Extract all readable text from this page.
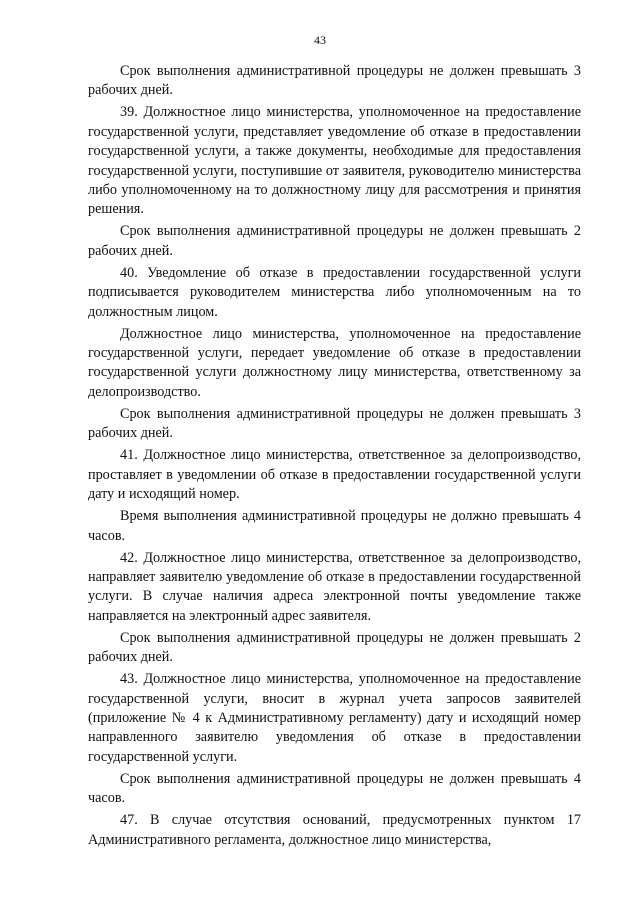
43

Срок выполнения административной процедуры не должен превышать 3 рабочих дней.

39. Должностное лицо министерства, уполномоченное на предоставление государственной услуги, представляет уведомление об отказе в предоставлении государственной услуги, а также документы, необходимые для предоставления государственной услуги, поступившие от заявителя, руководителю министерства либо уполномоченному на то должностному лицу для рассмотрения и принятия решения.

Срок выполнения административной процедуры не должен превышать 2 рабочих дней.

40. Уведомление об отказе в предоставлении государственной услуги подписывается руководителем министерства либо уполномоченным на то должностным лицом.

Должностное лицо министерства, уполномоченное на предоставление государственной услуги, передает уведомление об отказе в предоставлении государственной услуги должностному лицу министерства, ответственному за делопроизводство.

Срок выполнения административной процедуры не должен превышать 3 рабочих дней.

41. Должностное лицо министерства, ответственное за делопроизводство, проставляет в уведомлении об отказе в предоставлении государственной услуги дату и исходящий номер.

Время выполнения административной процедуры не должно превышать 4 часов.

42. Должностное лицо министерства, ответственное за делопроизводство, направляет заявителю уведомление об отказе в предоставлении государственной услуги. В случае наличия адреса электронной почты уведомление также направляется на электронный адрес заявителя.

Срок выполнения административной процедуры не должен превышать 2 рабочих дней.

43. Должностное лицо министерства, уполномоченное на предоставление государственной услуги, вносит в журнал учета запросов заявителей (приложение № 4 к Административному регламенту) дату и исходящий номер направленного заявителю уведомления об отказе в предоставлении государственной услуги.

Срок выполнения административной процедуры не должен превышать 4 часов.

47. В случае отсутствия оснований, предусмотренных пунктом 17 Административного регламента, должностное лицо министерства,
